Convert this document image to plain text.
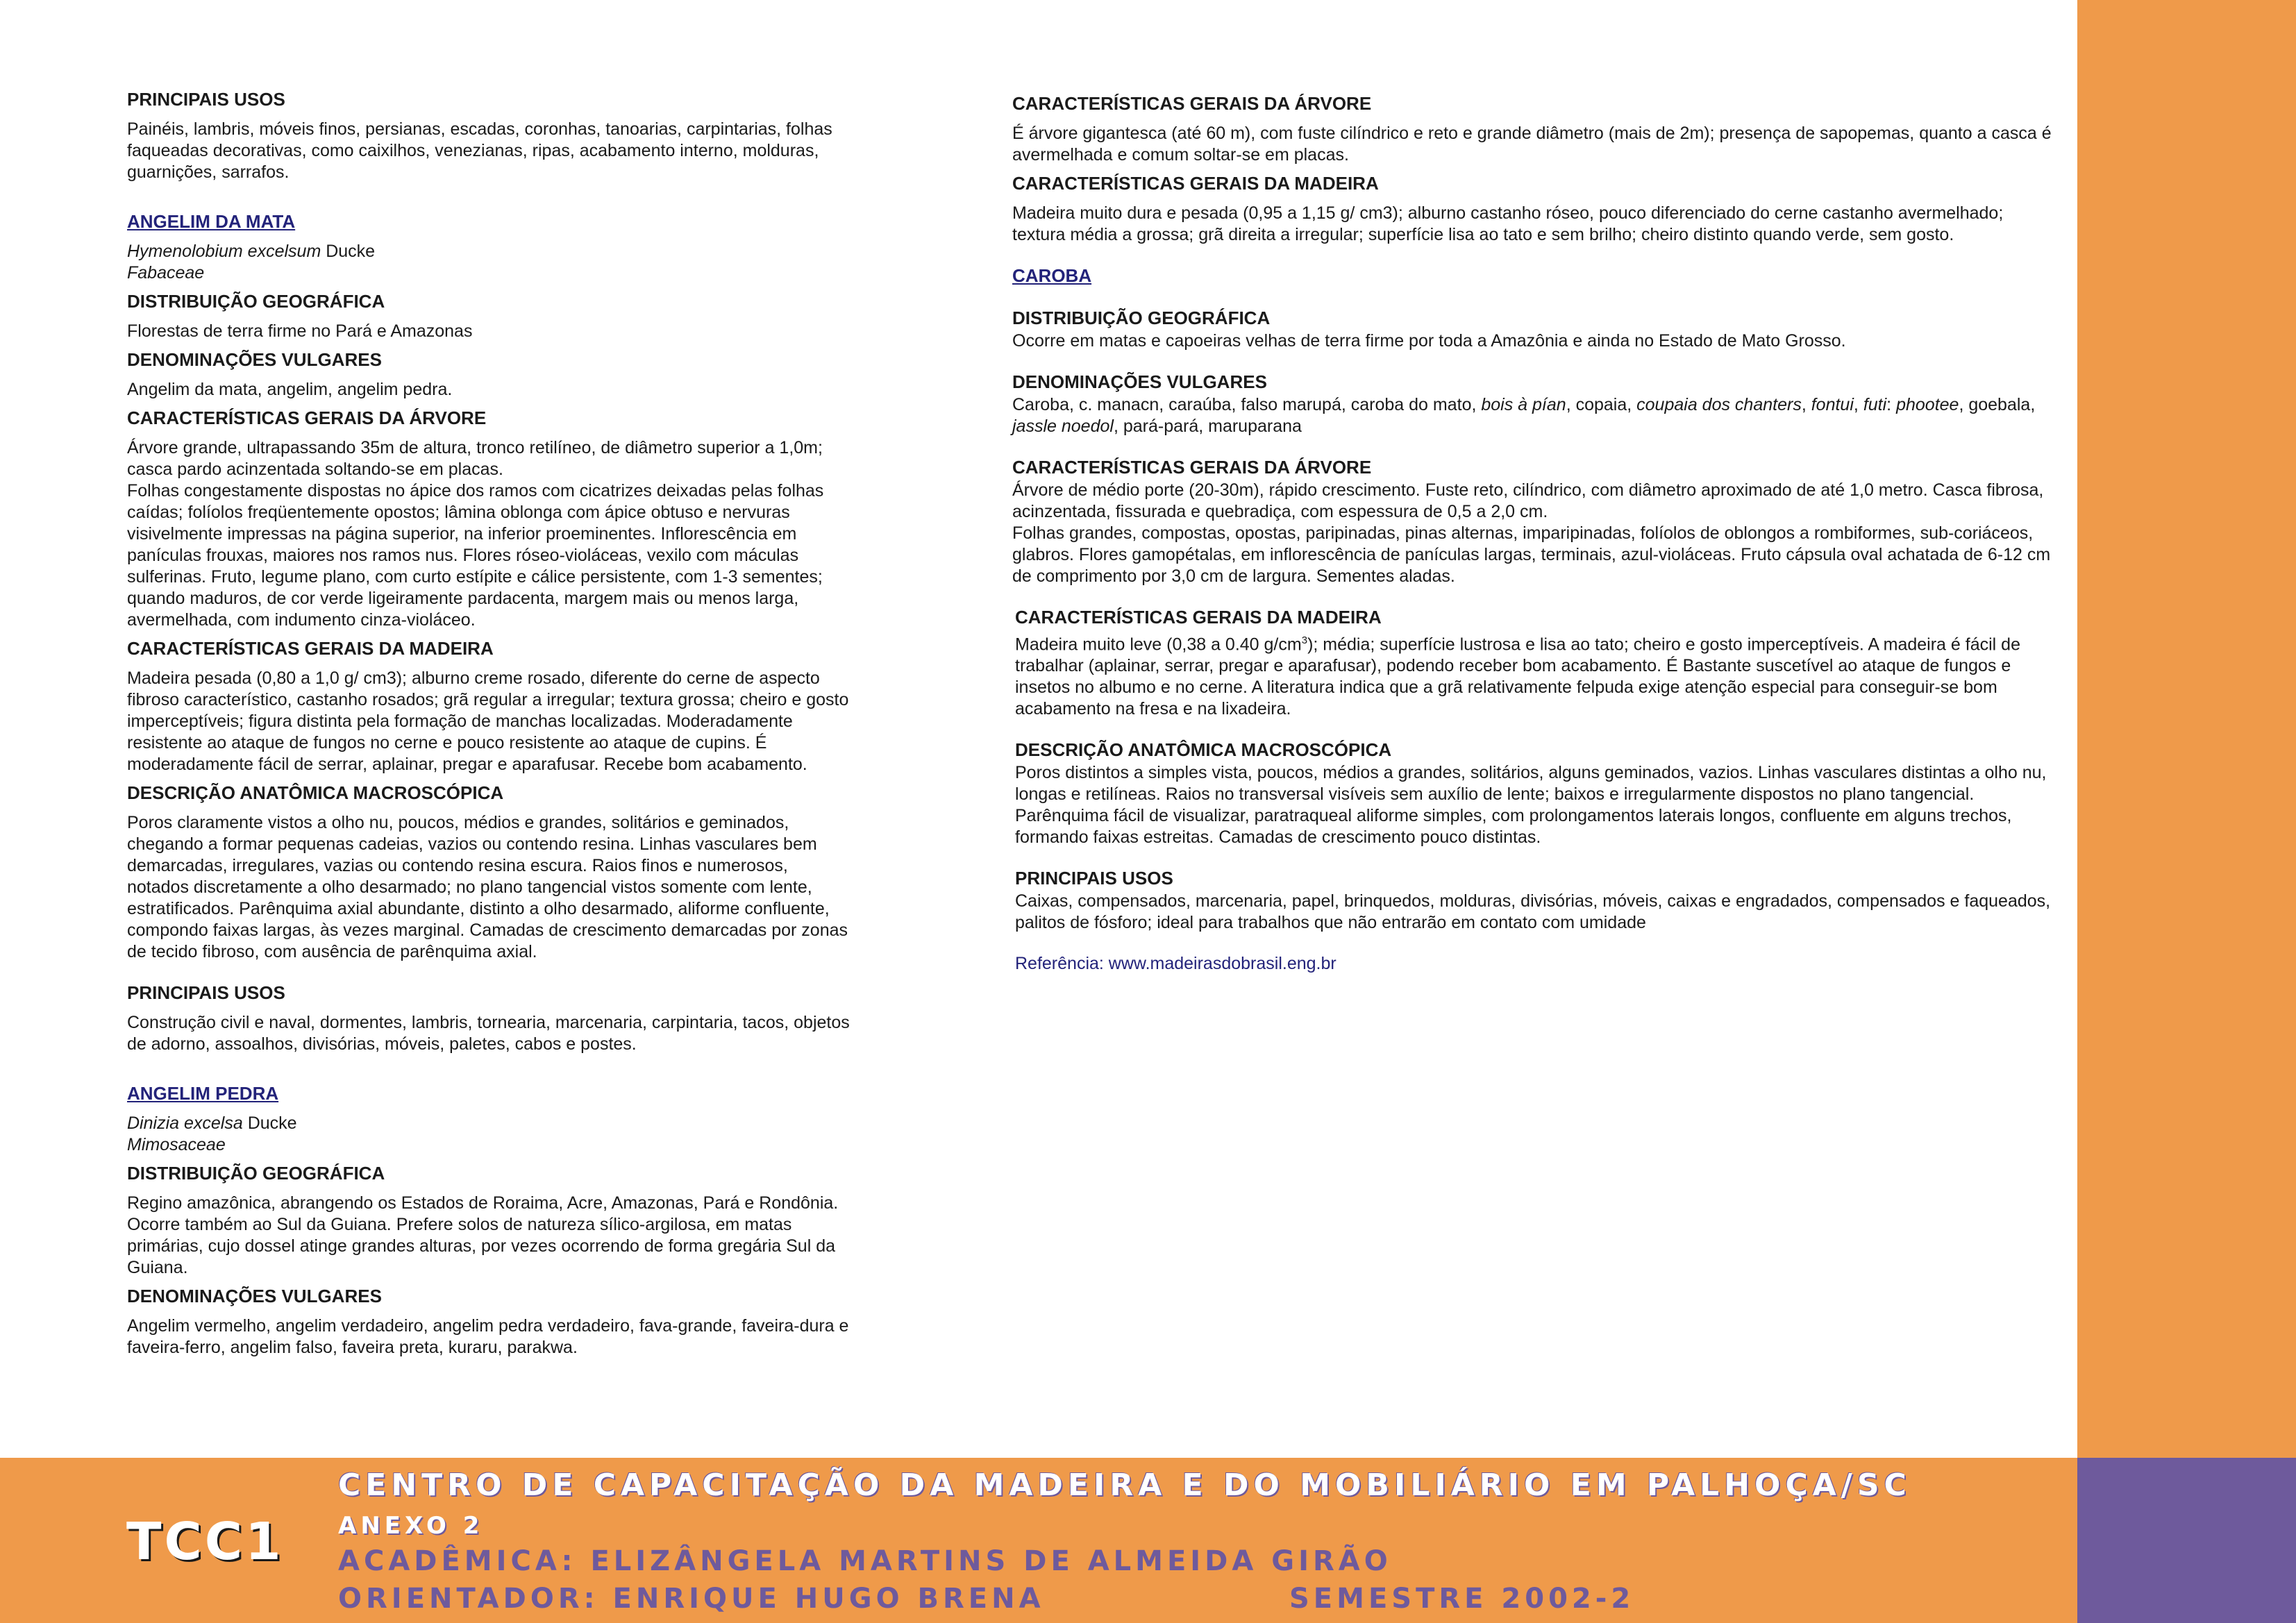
PRINCIPAIS USOS
Painéis, lambris, móveis finos, persianas, escadas, coronhas, tanoarias, carpintarias, folhas
faqueadas decorativas, como caixilhos, venezianas, ripas, acabamento interno, molduras,
guarnições, sarrafos.
ANGELIM DA MATA
Hymenolobium excelsum Ducke
Fabaceae
DISTRIBUIÇÃO GEOGRÁFICA
Florestas de terra firme no Pará e Amazonas
DENOMINAÇÕES VULGARES
Angelim da mata, angelim, angelim pedra.
CARACTERÍSTICAS GERAIS DA ÁRVORE
Árvore grande, ultrapassando 35m de altura, tronco retilíneo, de diâmetro superior a 1,0m;
casca pardo acinzentada soltando-se em placas.
Folhas congestamente dispostas no ápice dos ramos com cicatrizes deixadas pelas folhas
caídas; folíolos freqüentemente opostos; lâmina oblonga com ápice obtuso e nervuras
visivelmente impressas na página superior, na inferior proeminentes. Inflorescência em
panículas frouxas, maiores nos ramos nus. Flores róseo-violáceas, vexilo com máculas
sulferinas. Fruto, legume plano, com curto estípite e cálice persistente, com 1-3 sementes;
quando maduros, de cor verde ligeiramente pardacenta, margem mais ou menos larga,
avermelhada, com indumento cinza-violáceo.
CARACTERÍSTICAS GERAIS DA MADEIRA
Madeira pesada (0,80 a 1,0 g/ cm3); alburno creme rosado, diferente do cerne de aspecto
fibroso característico, castanho rosados; grã regular a irregular; textura grossa; cheiro e gosto
imperceptíveis; figura distinta pela formação de manchas localizadas. Moderadamente
resistente ao ataque de fungos no cerne e pouco resistente ao ataque de cupins. É
moderadamente fácil de serrar, aplainar, pregar e aparafusar. Recebe bom acabamento.
DESCRIÇÃO ANATÔMICA MACROSCÓPICA
Poros claramente vistos a olho nu, poucos, médios e grandes, solitários e geminados,
chegando a formar pequenas cadeias, vazios ou contendo resina. Linhas vasculares bem
demarcadas, irregulares, vazias ou contendo resina escura. Raios finos e numerosos,
notados discretamente a olho desarmado; no plano tangencial vistos somente com lente,
estratificados. Parênquima axial abundante, distinto a olho desarmado, aliforme confluente,
compondo faixas largas, às vezes marginal. Camadas de crescimento demarcadas por zonas
de tecido fibroso, com ausência de parênquima axial.
PRINCIPAIS USOS
Construção civil e naval, dormentes, lambris, tornearia, marcenaria, carpintaria, tacos, objetos
de adorno, assoalhos, divisórias, móveis, paletes, cabos e postes.
ANGELIM PEDRA
Dinizia excelsa Ducke
Mimosaceae
DISTRIBUIÇÃO GEOGRÁFICA
Regino amazônica, abrangendo os Estados de Roraima, Acre, Amazonas, Pará e Rondônia.
Ocorre também ao Sul da Guiana. Prefere solos de natureza sílico-argilosa, em matas
primárias, cujo dossel atinge grandes alturas, por vezes ocorrendo de forma gregária Sul da
Guiana.
DENOMINAÇÕES VULGARES
Angelim vermelho, angelim verdadeiro, angelim pedra verdadeiro, fava-grande, faveira-dura e
faveira-ferro, angelim falso, faveira preta, kuraru, parakwa.
CARACTERÍSTICAS GERAIS DA ÁRVORE
É árvore gigantesca (até 60 m), com fuste cilíndrico e reto e grande diâmetro (mais de 2m); presença de sapopemas, quanto a casca é
avermelhada e comum soltar-se em placas.
CARACTERÍSTICAS GERAIS DA MADEIRA
Madeira muito dura e pesada (0,95 a 1,15 g/ cm3); alburno castanho róseo, pouco diferenciado do cerne castanho avermelhado;
textura média a grossa; grã direita a irregular; superfície lisa ao tato e sem brilho; cheiro distinto quando verde, sem gosto.
CAROBA
DISTRIBUIÇÃO GEOGRÁFICA
Ocorre em matas e capoeiras velhas de terra firme por toda a Amazônia e ainda no Estado de Mato Grosso.
DENOMINAÇÕES VULGARES
Caroba, c. manacn, caraúba, falso marupá, caroba do mato, bois à pían, copaia, coupaia dos chanters, fontui, futi: phootee, goebala,
jassle noedol, pará-pará, maruparana
CARACTERÍSTICAS GERAIS DA ÁRVORE
Árvore de médio porte (20-30m), rápido crescimento. Fuste reto, cilíndrico, com diâmetro aproximado de até 1,0 metro. Casca fibrosa,
acinzentada, fissurada e quebradiça, com espessura de 0,5 a 2,0 cm.
Folhas grandes, compostas, opostas, paripinadas, pinas alternas, imparipinadas, folíolos de oblongos a rombiformes, sub-coriáceos,
glabros. Flores gamopétalas, em inflorescência de panículas largas, terminais, azul-violáceas. Fruto cápsula oval achatada de 6-12 cm
de comprimento por 3,0 cm de largura. Sementes aladas.
CARACTERÍSTICAS GERAIS DA MADEIRA
Madeira muito leve (0,38 a 0.40 $g/cm^3$); média; superfície lustrosa e lisa ao tato; cheiro e gosto imperceptíveis. A madeira é fácil de
trabalhar (aplainar, serrar, pregar e aparafusar), podendo receber bom acabamento. É Bastante suscetível ao ataque de fungos e
insetos no albumo e no cerne. A literatura indica que a grã relativamente felpuda exige atenção especial para conseguir-se bom
acabamento na fresa e na lixadeira.
DESCRIÇÃO ANATÔMICA MACROSCÓPICA
Poros distintos a simples vista, poucos, médios a grandes, solitários, alguns geminados, vazios. Linhas vasculares distintas a olho nu,
longas e retilíneas. Raios no transversal visíveis sem auxílio de lente; baixos e irregularmente dispostos no plano tangencial.
Parênquima fácil de visualizar, paratraqueal aliforme simples, com prolongamentos laterais longos, confluente em alguns trechos,
formando faixas estreitas. Camadas de crescimento pouco distintas.
PRINCIPAIS USOS
Caixas, compensados, marcenaria, papel, brinquedos, molduras, divisórias, móveis, caixas e engradados, compensados e faqueados,
palitos de fósforo; ideal para trabalhos que não entrarão em contato com umidade
Referência: www.madeirasdobrasil.eng.br
CENTRO DE CAPACITAÇÃO DA MADEIRA E DO MOBILIÁRIO EM PALHOÇA/SC
ANEXO 2
TCC1 ACADÊMICA: ELIZÂNGELA MARTINS DE ALMEIDA GIRÃO
ORIENTADOR: ENRIQUE HUGO BRENA	SEMESTRE 2002-2
